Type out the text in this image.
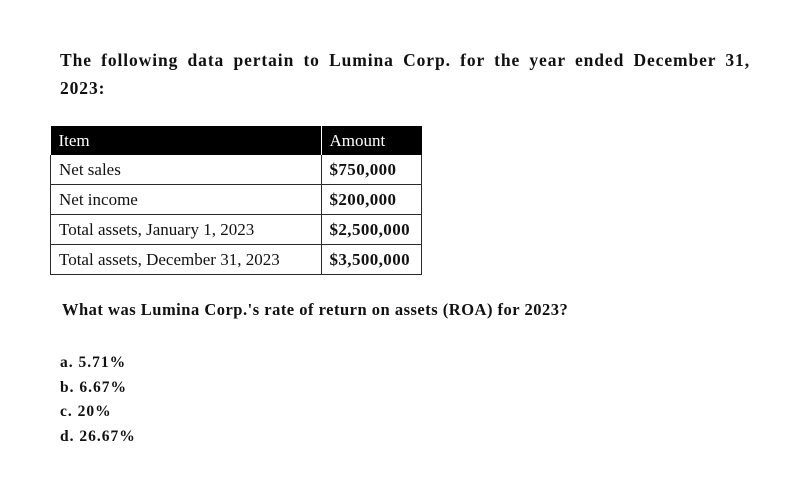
The following data pertain to Lumina Corp. for the year ended December 31, 2023:

Item	Amount
Net sales	$750,000
Net income	$200,000
Total assets, January 1, 2023	$2,500,000
Total assets, December 31, 2023	$3,500,000

What was Lumina Corp.'s rate of return on assets (ROA) for 2023?

a. 5.71%
b. 6.67%
c. 20%
d. 26.67%
